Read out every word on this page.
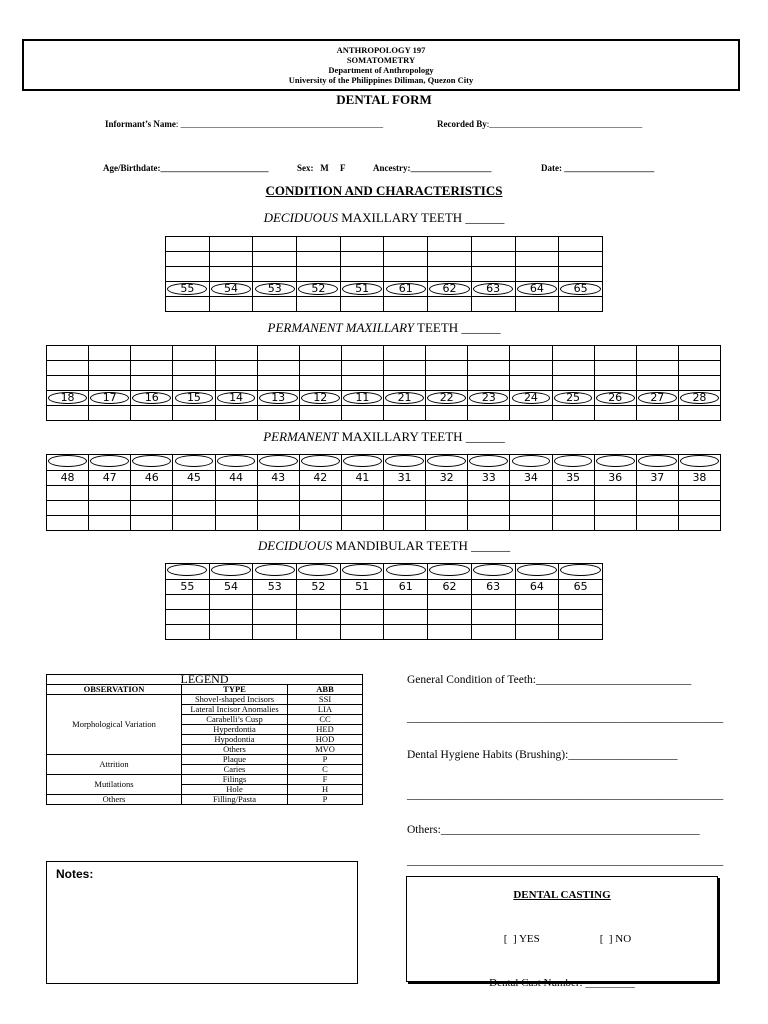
ANTHROPOLOGY 197
SOMATOMETRY
Department of Anthropology
University of the Philippines Diliman, Quezon City
DENTAL FORM
Informant’s Name: _____________________________________________	Recorded By:__________________________________
Age/Birthdate:________________________	Sex:   M     F	Ancestry:__________________	Date: ____________________
CONDITION AND CHARACTERISTICS
DECIDUOUS MAXILLARY TEETH ______
PERMANENT MAXILLARY TEETH ______
PERMANENT MAXILLARY TEETH ______
DECIDUOUS MANDIBULAR TEETH ______

55	54	53	52	51	61	62	63	64	65

18	17	16	15	14	13	12	11	21	22	23	24	25	26	27	28

48	47	46	45	44	43	42	41	31	32	33	34	35	36	37	38

55	54	53	52	51	61	62	63	64	65

LEGEND		
OBSERVATION	TYPE	ABB
Morphological Variation	Shovel-shaped Incisors	SSI
	Lateral Incisor Anomalies	LIA
	Carabelli’s Cusp	CC
	Hyperdontia	HED
	Hypodontia	HOD
	Others	MVO
Attrition	Plaque	P
	Caries	C
Mutilations	Filings	F
	Hole	H
Others	Filling/Pasta	P
Notes:
General Condition of Teeth:___________________________
_______________________________________________________
Dental Hygiene Habits (Brushing):___________________
_______________________________________________________
Others:_____________________________________________
_______________________________________________________
DENTAL CASTING

[  ] YES	[  ] NO

Dental Cast Number: _________
